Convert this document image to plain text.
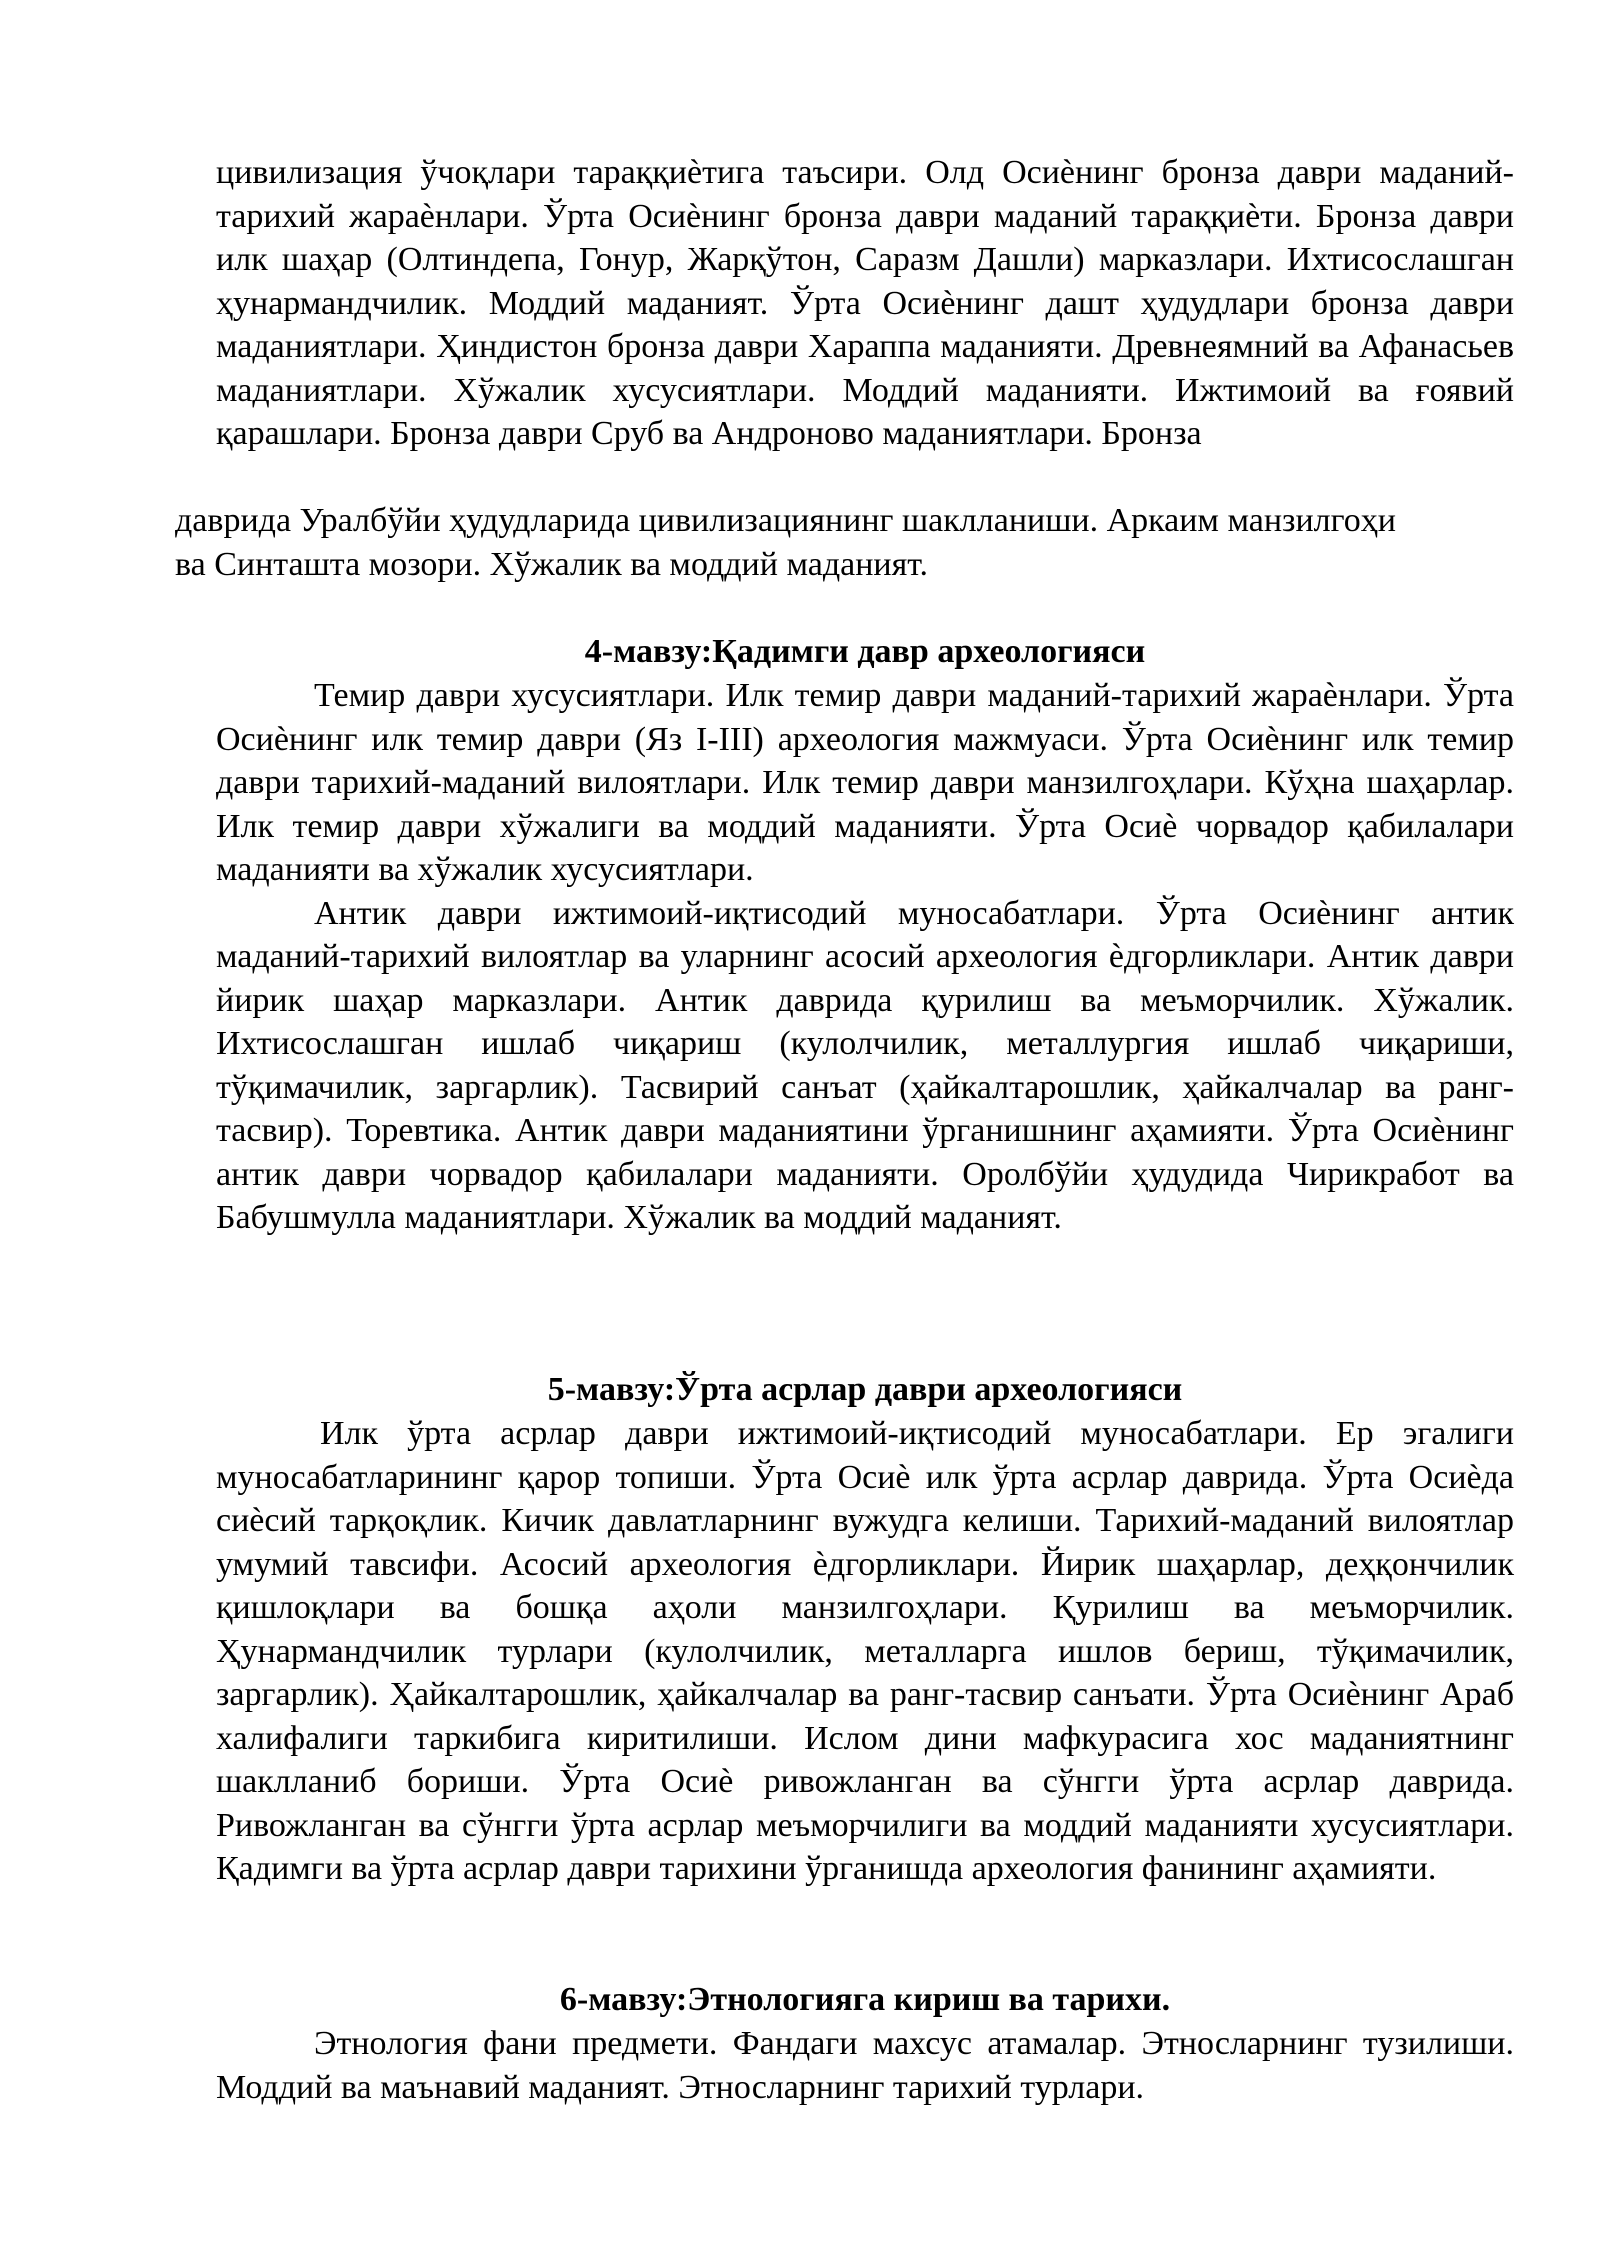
цивилизация ўчоқлари тараққиѐтига таъсири. Олд Осиѐнинг бронза даври маданий-тарихий жараѐнлари. Ўрта Осиѐнинг бронза даври маданий тараққиѐти. Бронза даври илк шаҳар (Олтиндепа, Гонур, Жарқўтон, Саразм Дашли) марказлари. Ихтисослашган ҳунармандчилик. Моддий маданият. Ўрта Осиѐнинг дашт ҳудудлари бронза даври маданиятлари. Ҳиндистон бронза даври Хараппа маданияти. Древнеямний ва Афанасьев маданиятлари. Хўжалик хусусиятлари. Моддий маданияти. Ижтимоий ва ғоявий қарашлари. Бронза даври Сруб ва Андроново маданиятлари. Бронза

даврида Уралбўйи ҳудудларида цивилизациянинг шаклланиши. Аркаим манзилгоҳи

ва Синташта мозори. Хўжалик ва моддий маданият.

4-мавзу:Қадимги давр археологияси

Темир даври хусусиятлари. Илк темир даври маданий-тарихий жараѐнлари. Ўрта Осиѐнинг илк темир даври (Яз I-III) археология мажмуаси. Ўрта Осиѐнинг илк темир даври тарихий-маданий вилоятлари. Илк темир даври манзилгоҳлари. Кўҳна шаҳарлар. Илк темир даври хўжалиги ва моддий маданияти. Ўрта Осиѐ чорвадор қабилалари маданияти ва хўжалик хусусиятлари.

Антик даври ижтимоий-иқтисодий муносабатлари. Ўрта Осиѐнинг антик маданий-тарихий вилоятлар ва уларнинг асосий археология ѐдгорликлари. Антик даври йирик шаҳар марказлари. Антик даврида қурилиш ва меъморчилик. Хўжалик. Ихтисослашган ишлаб чиқариш (кулолчилик, металлургия ишлаб чиқариши, тўқимачилик, заргарлик). Тасвирий санъат (ҳайкалтарошлик, ҳайкалчалар ва ранг-тасвир). Торевтика. Антик даври маданиятини ўрганишнинг аҳамияти. Ўрта Осиѐнинг антик даври чорвадор қабилалари маданияти. Оролбўйи ҳудудида Чирикработ ва Бабушмулла маданиятлари. Хўжалик ва моддий маданият.

5-мавзу:Ўрта асрлар даври археологияси

Илк ўрта асрлар даври ижтимоий-иқтисодий муносабатлари. Ер эгалиги муносабатларининг қарор топиши. Ўрта Осиѐ илк ўрта асрлар даврида. Ўрта Осиѐда сиѐсий тарқоқлик. Кичик давлатларнинг вужудга келиши. Тарихий-маданий вилоятлар умумий тавсифи. Асосий археология ѐдгорликлари. Йирик шаҳарлар, деҳқончилик қишлоқлари ва бошқа аҳоли манзилгоҳлари. Қурилиш ва меъморчилик. Ҳунармандчилик турлари (кулолчилик, металларга ишлов бериш, тўқимачилик, заргарлик). Ҳайкалтарошлик, ҳайкалчалар ва ранг-тасвир санъати. Ўрта Осиѐнинг Араб халифалиги таркибига киритилиши. Ислом дини мафкурасига хос маданиятнинг шаклланиб бориши. Ўрта Осиѐ ривожланган ва сўнгги ўрта асрлар даврида. Ривожланган ва сўнгги ўрта асрлар меъморчилиги ва моддий маданияти хусусиятлари. Қадимги ва ўрта асрлар даври тарихини ўрганишда археология фанининг аҳамияти.

6-мавзу:Этнологияга кириш ва тарихи.

Этнология фани предмети. Фандаги махсус атамалар. Этносларнинг тузилиши. Моддий ва маънавий маданият. Этносларнинг тарихий турлари.
